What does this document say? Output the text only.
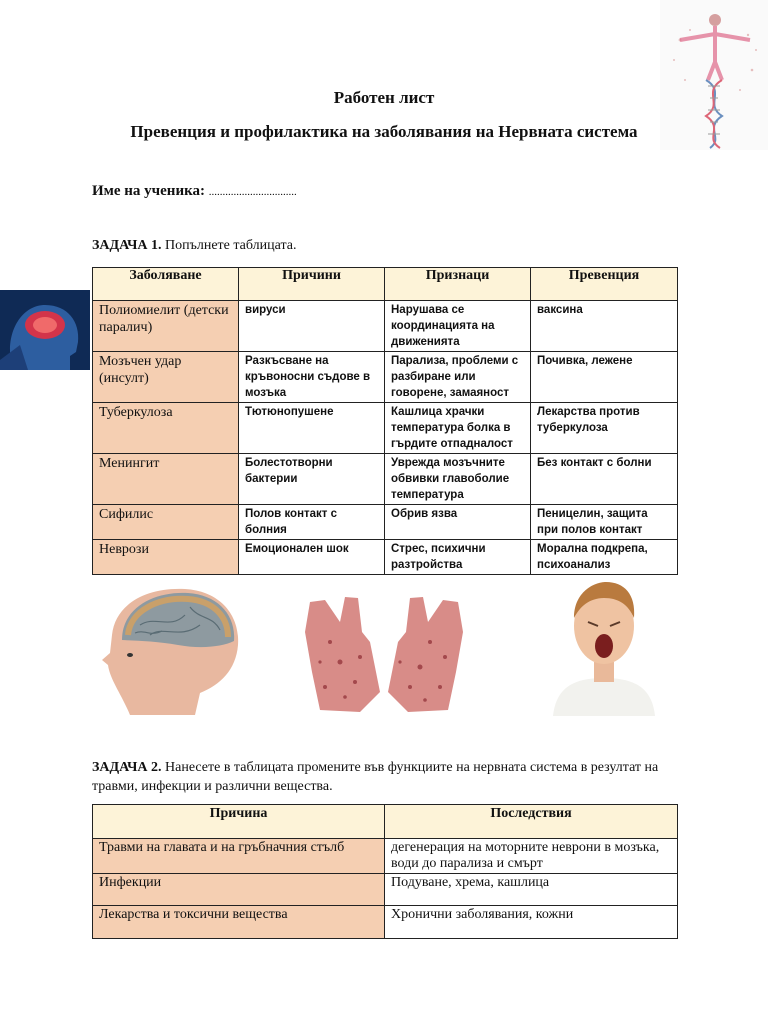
Работен лист
Превенция и профилактика на заболявания на Нервната система
Име на ученика: ................................
ЗАДАЧА 1. Попълнете таблицата.
Заболяване	Причини	Признаци	Превенция
Полиомиелит (детски паралич)	вируси	Нарушава се координацията на движенията	ваксина
Мозъчен удар (инсулт)	Разкъсване на кръвоносни съдове в мозъка	Парализа, проблеми с разбиране или говорене, замаяност	Почивка, лежене
Туберкулоза	Тютюнопушене	Кашлица храчки температура болка в гърдите отпадналост	Лекарства против туберкулоза
Менингит	Болестотворни бактерии	Уврежда мозъчните обвивки главоболие температура	Без контакт с болни
Сифилис	Полов контакт с болния	Обрив язва	Пеницелин, защита при полов контакт
Неврози	Емоционален шок	Стрес, психични разтройства	Морална подкрепа, психоанализ
ЗАДАЧА 2. Нанесете в таблицата промените във функциите на нервната система в резултат на травми, инфекции и различни вещества.
Причина	Последствия
Травми на главата и на гръбначния стълб	дегенерация на моторните неврони в мозъка, води до парализа и смърт
Инфекции	Подуване, хрема, кашлица
Лекарства и токсични вещества	Хронични заболявания, кожни
